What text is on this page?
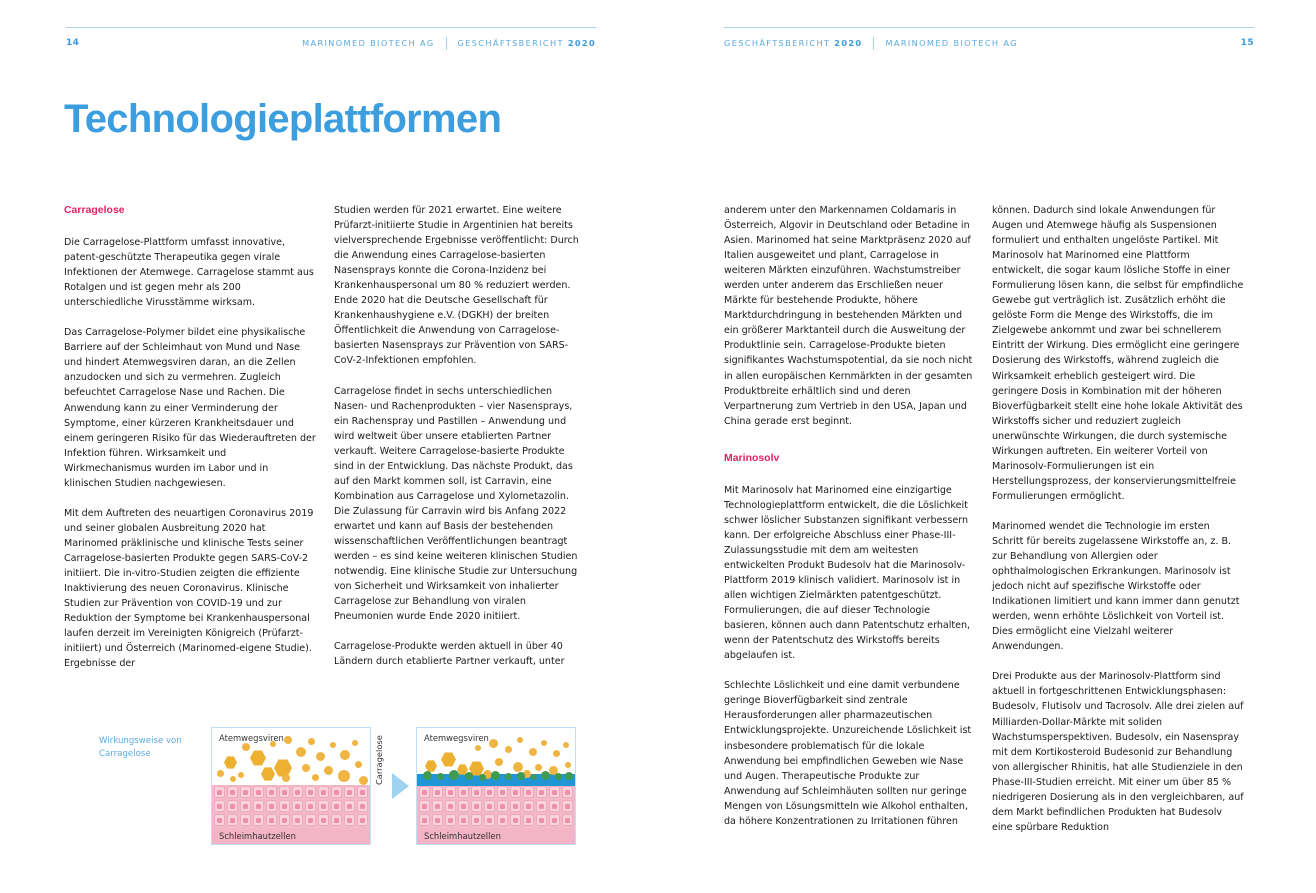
14	MARINOMED BIOTECH AG	GESCHÄFTSBERICHT 2020
Technologieplattformen
Carragelose

Die Carragelose-Plattform umfasst innovative, patent-geschützte Therapeutika gegen virale Infektionen der Atemwege. Carragelose stammt aus Rotalgen und ist gegen mehr als 200 unterschiedliche Virusstämme wirksam.

Das Carragelose-Polymer bildet eine physikalische Barriere auf der Schleimhaut von Mund und Nase und hindert Atemwegsviren daran, an die Zellen anzudocken und sich zu vermehren. Zugleich befeuchtet Carragelose Nase und Rachen. Die Anwendung kann zu einer Verminderung der Symptome, einer kürzeren Krankheitsdauer und einem geringeren Risiko für das Wiederauftreten der Infektion führen. Wirksamkeit und Wirkmechanismus wurden im Labor und in klinischen Studien nachgewiesen.

Mit dem Auftreten des neuartigen Coronavirus 2019 und seiner globalen Ausbreitung 2020 hat Marinomed präklinische und klinische Tests seiner Carragelose-basierten Produkte gegen SARS-CoV-2 initiiert. Die in-vitro-Studien zeigten die effiziente Inaktivierung des neuen Coronavirus. Klinische Studien zur Prävention von COVID-19 und zur Reduktion der Symptome bei Krankenhauspersonal laufen derzeit im Vereinigten Königreich (Prüfarzt-initiiert) und Österreich (Marinomed-eigene Studie). Ergebnisse der

Studien werden für 2021 erwartet. Eine weitere Prüfarzt-initiierte Studie in Argentinien hat bereits vielversprechende Ergebnisse veröffentlicht: Durch die Anwendung eines Carragelose-basierten Nasensprays konnte die Corona-Inzidenz bei Krankenhauspersonal um 80 % reduziert werden. Ende 2020 hat die Deutsche Gesellschaft für Krankenhaushygiene e.V. (DGKH) der breiten Öffentlichkeit die Anwendung von Carragelose-basierten Nasensprays zur Prävention von SARS-CoV-2-Infektionen empfohlen.

Carragelose findet in sechs unterschiedlichen Nasen- und Rachenprodukten – vier Nasensprays, ein Rachenspray und Pastillen – Anwendung und wird weltweit über unsere etablierten Partner verkauft. Weitere Carragelose-basierte Produkte sind in der Entwicklung. Das nächste Produkt, das auf den Markt kommen soll, ist Carravin, eine Kombination aus Carragelose und Xylometazolin. Die Zulassung für Carravin wird bis Anfang 2022 erwartet und kann auf Basis der bestehenden wissenschaftlichen Veröffentlichungen beantragt werden – es sind keine weiteren klinischen Studien notwendig. Eine klinische Studie zur Untersuchung von Sicherheit und Wirksamkeit von inhalierter Carragelose zur Behandlung von viralen Pneumonien wurde Ende 2020 initiiert.

Carragelose-Produkte werden aktuell in über 40 Ländern durch etablierte Partner verkauft, unter

Wirkungsweise von Carragelose
Atemwegsviren
Schleimhautzellen
Carragelose	Atemwegsviren
Schleimhautzellen
GESCHÄFTSBERICHT 2020	MARINOMED BIOTECH AG	15

anderem unter den Markennamen Coldamaris in Österreich, Algovir in Deutschland oder Betadine in Asien. Marinomed hat seine Marktpräsenz 2020 auf Italien ausgeweitet und plant, Carragelose in weiteren Märkten einzuführen. Wachstumstreiber werden unter anderem das Erschließen neuer Märkte für bestehende Produkte, höhere Marktdurchdringung in bestehenden Märkten und ein größerer Marktanteil durch die Ausweitung der Produktlinie sein. Carragelose-Produkte bieten signifikantes Wachstumspotential, da sie noch nicht in allen europäischen Kernmärkten in der gesamten Produktbreite erhältlich sind und deren Verpartnerung zum Vertrieb in den USA, Japan und China gerade erst beginnt.

Marinosolv

Mit Marinosolv hat Marinomed eine einzigartige Technologieplattform entwickelt, die die Löslichkeit schwer löslicher Substanzen signifikant verbessern kann. Der erfolgreiche Abschluss einer Phase-III-Zulassungsstudie mit dem am weitesten entwickelten Produkt Budesolv hat die Marinosolv-Plattform 2019 klinisch validiert. Marinosolv ist in allen wichtigen Zielmärkten patentgeschützt. Formulierungen, die auf dieser Technologie basieren, können auch dann Patentschutz erhalten, wenn der Patentschutz des Wirkstoffs bereits abgelaufen ist.

Schlechte Löslichkeit und eine damit verbundene geringe Bioverfügbarkeit sind zentrale Herausforderungen aller pharmazeutischen Entwicklungsprojekte. Unzureichende Löslichkeit ist insbesondere problematisch für die lokale Anwendung bei empfindlichen Geweben wie Nase und Augen. Therapeutische Produkte zur Anwendung auf Schleimhäuten sollten nur geringe Mengen von Lösungsmitteln wie Alkohol enthalten, da höhere Konzentrationen zu Irritationen führen

können. Dadurch sind lokale Anwendungen für Augen und Atemwege häufig als Suspensionen formuliert und enthalten ungelöste Partikel. Mit Marinosolv hat Marinomed eine Plattform entwickelt, die sogar kaum lösliche Stoffe in einer Formulierung lösen kann, die selbst für empfindliche Gewebe gut verträglich ist. Zusätzlich erhöht die gelöste Form die Menge des Wirkstoffs, die im Zielgewebe ankommt und zwar bei schnellerem Eintritt der Wirkung. Dies ermöglicht eine geringere Dosierung des Wirkstoffs, während zugleich die Wirksamkeit erheblich gesteigert wird. Die geringere Dosis in Kombination mit der höheren Bioverfügbarkeit stellt eine hohe lokale Aktivität des Wirkstoffs sicher und reduziert zugleich unerwünschte Wirkungen, die durch systemische Wirkungen auftreten. Ein weiterer Vorteil von Marinosolv-Formulierungen ist ein Herstellungsprozess, der konservierungsmittelfreie Formulierungen ermöglicht.

Marinomed wendet die Technologie im ersten Schritt für bereits zugelassene Wirkstoffe an, z. B. zur Behandlung von Allergien oder ophthalmologischen Erkrankungen. Marinosolv ist jedoch nicht auf spezifische Wirkstoffe oder Indikationen limitiert und kann immer dann genutzt werden, wenn erhöhte Löslichkeit von Vorteil ist. Dies ermöglicht eine Vielzahl weiterer Anwendungen.

Drei Produkte aus der Marinosolv-Plattform sind aktuell in fortgeschrittenen Entwicklungsphasen: Budesolv, Flutisolv und Tacrosolv. Alle drei zielen auf Milliarden-Dollar-Märkte mit soliden Wachstumsperspektiven. Budesolv, ein Nasenspray mit dem Kortikosteroid Budesonid zur Behandlung von allergischer Rhinitis, hat alle Studienziele in den Phase-III-Studien erreicht. Mit einer um über 85 % niedrigeren Dosierung als in den vergleichbaren, auf dem Markt befindlichen Produkten hat Budesolv eine spürbare Reduktion
